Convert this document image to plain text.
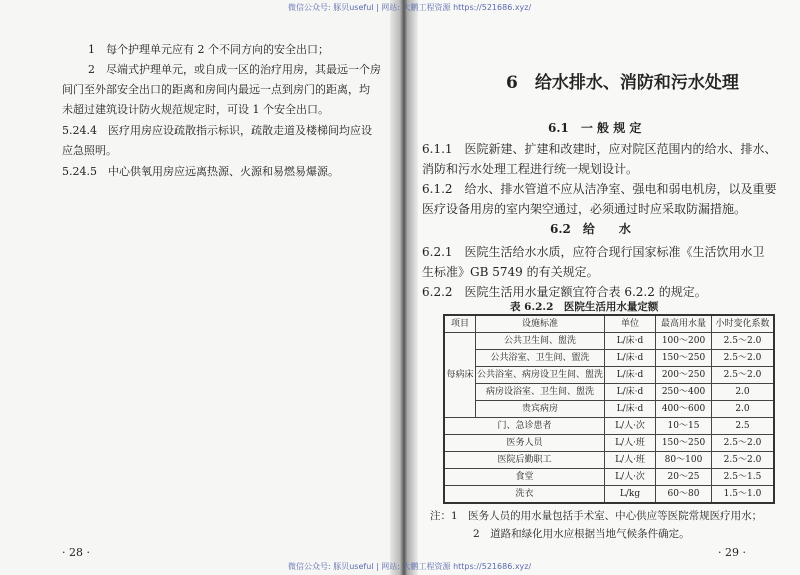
1　每个护理单元应有 2 个不同方向的安全出口；
2　尽端式护理单元，或自成一区的治疗用房，其最远一个房
间门至外部安全出口的距离和房间内最远一点到房门的距离，均
未超过建筑设计防火规范规定时，可设 1 个安全出口。
5.24.4　医疗用房应设疏散指示标识，疏散走道及楼梯间均应设
应急照明。
5.24.5　中心供氧用房应远离热源、火源和易燃易爆源。
· 28 ·
6　给水排水、消防和污水处理
6.1　一 般 规 定
6.1.1　医院新建、扩建和改建时，应对院区范围内的给水、排水、
消防和污水处理工程进行统一规划设计。
6.1.2　给水、排水管道不应从洁净室、强电和弱电机房，以及重要
医疗设备用房的室内架空通过，必须通过时应采取防漏措施。
6.2　给　　水
6.2.1　医院生活给水水质，应符合现行国家标准《生活饮用水卫
生标准》GB 5749 的有关规定。
6.2.2　医院生活用水量定额宜符合表 6.2.2 的规定。
注：1　医务人员的用水量包括手术室、中心供应等医院常规医疗用水；
2　道路和绿化用水应根据当地气候条件确定。
· 29 ·
表 6.2.2　医院生活用水量定额
项目	设施标准	单位	最高用水量	小时变化系数
每病床	公共卫生间、盥洗	L/床·d	100～200	2.5～2.0
	公共浴室、卫生间、盥洗	L/床·d	150～250	2.5～2.0
	公共浴室、病房设卫生间、盥洗	L/床·d	200～250	2.5～2.0
	病房设浴室、卫生间、盥洗	L/床·d	250～400	2.0
	贵宾病房	L/床·d	400～600	2.0
门、急诊患者		L/人·次	10～15	2.5
医务人员		L/人·班	150～250	2.5～2.0
医院后勤职工		L/人·班	80～100	2.5～2.0
食堂		L/人·次	20～25	2.5～1.5
洗衣		L/kg	60～80	1.5～1.0
微信公众号: 豚贝useful | 网站: 大鹏工程资源 https://521686.xyz/
微信公众号: 豚贝useful | 网站: 大鹏工程资源 https://521686.xyz/
